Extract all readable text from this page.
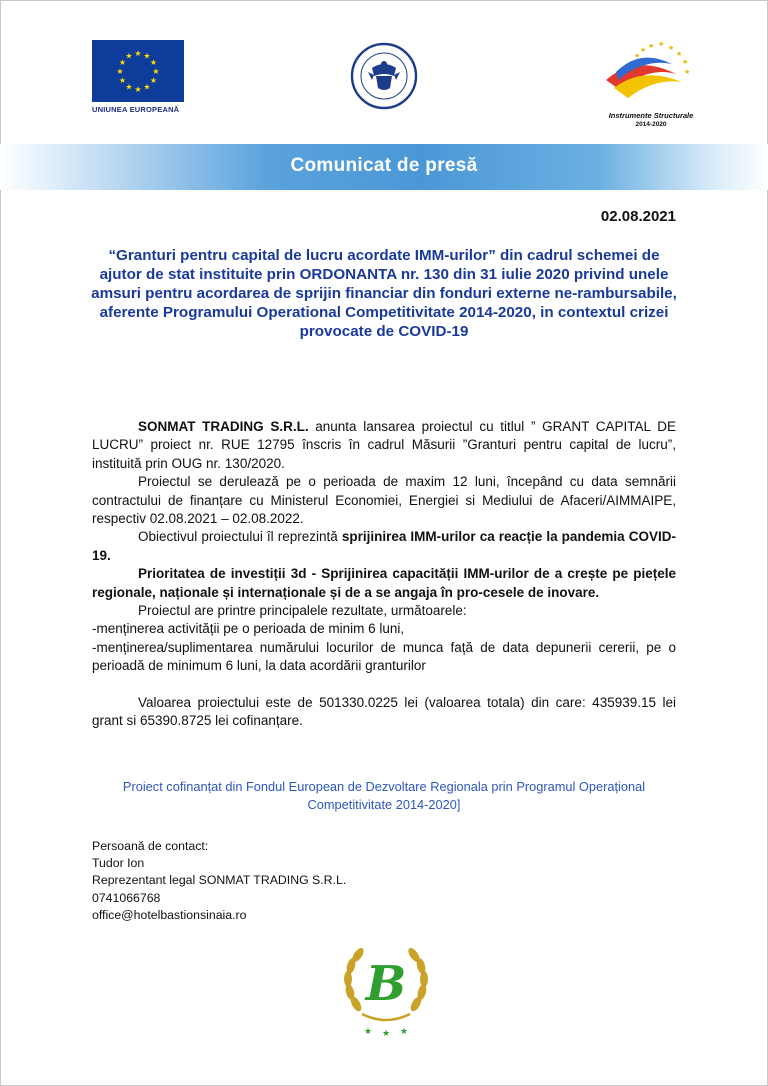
★ ★
★
★
★
★
★
★
★
★
★
★
UNIUNEA EUROPEANĂ
★ ★
★
★
★
★
★
★
Instrumente Structurale
2014-2020
Comunicat de presă
02.08.2021
“Granturi pentru capital de lucru acordate IMM-urilor” din cadrul schemei de ajutor de stat instituite prin ORDONANTA nr. 130 din 31 iulie 2020 privind unele amsuri pentru acordarea de sprijin financiar din fonduri externe ne-rambursabile, aferente Programului Operational Competitivitate 2014-2020, in contextul crizei provocate de COVID-19

SONMAT TRADING S.R.L. anunta lansarea proiectul cu titlul ” GRANT CAPITAL DE LUCRU” proiect nr. RUE 12795 înscris în cadrul Măsurii ”Granturi pentru capital de lucru”, instituită prin OUG nr. 130/2020.

Proiectul se derulează pe o perioada de maxim 12 luni, începând cu data semnării contractului de finanțare cu Ministerul Economiei, Energiei si Mediului de Afaceri/AIMMAIPE, respectiv 02.08.2021 – 02.08.2022.

Obiectivul proiectului îl reprezintă sprijinirea IMM-urilor ca reacție la pandemia COVID-19.

Prioritatea de investiții 3d - Sprijinirea capacității IMM-urilor de a crește pe piețele regionale, naționale și internaționale și de a se angaja în pro-cesele de inovare.

Proiectul are printre principalele rezultate, următoarele:

-menținerea activității pe o perioada de minim 6 luni,

-menținerea/suplimentarea numărului locurilor de munca față de data depunerii cererii, pe o perioadă de minimum 6 luni, la data acordării granturilor

Valoarea proiectului este de 501330.0225 lei (valoarea totala) din care: 435939.15 lei grant si 65390.8725 lei cofinanțare.

Proiect cofinanțat din Fondul European de Dezvoltare Regionala prin Programul Operațional Competitivitate 2014-2020]
Persoană de contact:
Tudor Ion
Reprezentant legal SONMAT TRADING S.R.L.
0741066768
office@hotelbastionsinaia.ro
B
★ ★ ★
